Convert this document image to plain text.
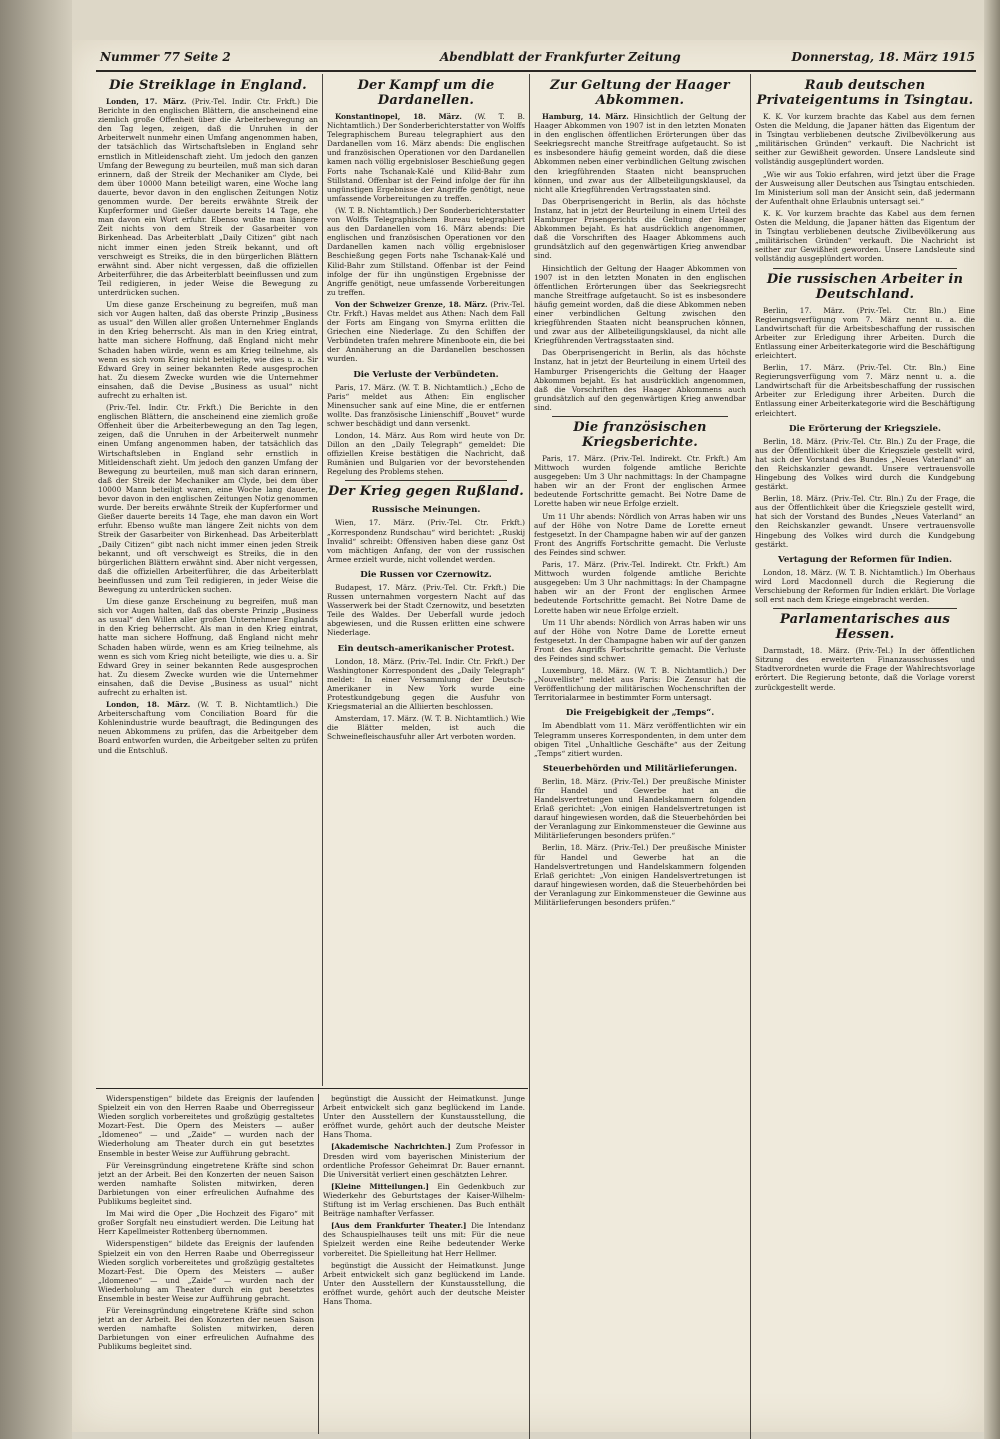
Nummer 77 Seite 2	Abendblatt der Frankfurter Zeitung	Donnerstag, 18. März 1915
Die Streiklage in England.

Londen, 17. März. (Priv.-Tel. Indir. Ctr. Frkft.) Die Berichte in den englischen Blättern, die anscheinend eine ziemlich große Offenheit über die Arbeiterbewegung an den Tag legen, zeigen, daß die Unruhen in der Arbeiterwelt nunmehr einen Umfang angenommen haben, der tatsächlich das Wirtschaftsleben in England sehr ernstlich in Mitleidenschaft zieht. Um jedoch den ganzen Umfang der Bewegung zu beurteilen, muß man sich daran erinnern, daß der Streik der Mechaniker am Clyde, bei dem über 10000 Mann beteiligt waren, eine Woche lang dauerte, bevor davon in den englischen Zeitungen Notiz genommen wurde. Der bereits erwähnte Streik der Kupferformer und Gießer dauerte bereits 14 Tage, ehe man davon ein Wort erfuhr. Ebenso wußte man längere Zeit nichts von dem Streik der Gasarbeiter von Birkenhead. Das Arbeiterblatt „Daily Citizen“ gibt nach nicht immer einen jeden Streik bekannt, und oft verschweigt es Streiks, die in den bürgerlichen Blättern erwähnt sind. Aber nicht vergessen, daß die offiziellen Arbeiterführer, die das Arbeiterblatt beeinflussen und zum Teil redigieren, in jeder Weise die Bewegung zu unterdrücken suchen.

Um diese ganze Erscheinung zu begreifen, muß man sich vor Augen halten, daß das oberste Prinzip „Business as usual“ den Willen aller großen Unternehmer Englands in den Krieg beherrscht. Als man in den Krieg eintrat, hatte man sichere Hoffnung, daß England nicht mehr Schaden haben würde, wenn es am Krieg teilnehme, als wenn es sich vom Krieg nicht beteiligte, wie dies u. a. Sir Edward Grey in seiner bekannten Rede ausgesprochen hat. Zu diesem Zwecke wurden wie die Unternehmer einsahen, daß die Devise „Business as usual“ nicht aufrecht zu erhalten ist.

(Priv.-Tel. Indir. Ctr. Frkft.) Die Berichte in den englischen Blättern, die anscheinend eine ziemlich große Offenheit über die Arbeiterbewegung an den Tag legen, zeigen, daß die Unruhen in der Arbeiterwelt nunmehr einen Umfang angenommen haben, der tatsächlich das Wirtschaftsleben in England sehr ernstlich in Mitleidenschaft zieht. Um jedoch den ganzen Umfang der Bewegung zu beurteilen, muß man sich daran erinnern, daß der Streik der Mechaniker am Clyde, bei dem über 10000 Mann beteiligt waren, eine Woche lang dauerte, bevor davon in den englischen Zeitungen Notiz genommen wurde. Der bereits erwähnte Streik der Kupferformer und Gießer dauerte bereits 14 Tage, ehe man davon ein Wort erfuhr. Ebenso wußte man längere Zeit nichts von dem Streik der Gasarbeiter von Birkenhead. Das Arbeiterblatt „Daily Citizen“ gibt nach nicht immer einen jeden Streik bekannt, und oft verschweigt es Streiks, die in den bürgerlichen Blättern erwähnt sind. Aber nicht vergessen, daß die offiziellen Arbeiterführer, die das Arbeiterblatt beeinflussen und zum Teil redigieren, in jeder Weise die Bewegung zu unterdrücken suchen.

Um diese ganze Erscheinung zu begreifen, muß man sich vor Augen halten, daß das oberste Prinzip „Business as usual“ den Willen aller großen Unternehmer Englands in den Krieg beherrscht. Als man in den Krieg eintrat, hatte man sichere Hoffnung, daß England nicht mehr Schaden haben würde, wenn es am Krieg teilnehme, als wenn es sich vom Krieg nicht beteiligte, wie dies u. a. Sir Edward Grey in seiner bekannten Rede ausgesprochen hat. Zu diesem Zwecke wurden wie die Unternehmer einsahen, daß die Devise „Business as usual“ nicht aufrecht zu erhalten ist.

London, 18. März. (W. T. B. Nichtamtlich.) Die Arbeiterschaftung vom Conciliation Board für die Kohlenindustrie wurde beauftragt, die Bedingungen des neuen Abkommens zu prüfen, das die Arbeitgeber dem Board entworfen wurden, die Arbeitgeber selten zu prüfen und die Entschluß.

Der Kampf um die Dardanellen.

Konstantinopel, 18. März. (W. T. B. Nichtamtlich.) Der Sonderberichterstatter von Wolffs Telegraphischem Bureau telegraphiert aus den Dardanellen vom 16. März abends: Die englischen und französischen Operationen vor den Dardanellen kamen nach völlig ergebnisloser Beschießung gegen Forts nahe Tschanak-Kalé und Kilid-Bahr zum Stillstand. Offenbar ist der Feind infolge der für ihn ungünstigen Ergebnisse der Angriffe genötigt, neue umfassende Vorbereitungen zu treffen.

(W. T. B. Nichtamtlich.) Der Sonderberichterstatter von Wolffs Telegraphischem Bureau telegraphiert aus den Dardanellen vom 16. März abends: Die englischen und französischen Operationen vor den Dardanellen kamen nach völlig ergebnisloser Beschießung gegen Forts nahe Tschanak-Kalé und Kilid-Bahr zum Stillstand. Offenbar ist der Feind infolge der für ihn ungünstigen Ergebnisse der Angriffe genötigt, neue umfassende Vorbereitungen zu treffen.

Von der Schweizer Grenze, 18. März. (Priv.-Tel. Ctr. Frkft.) Havas meldet aus Athen: Nach dem Fall der Forts am Eingang von Smyrna erlitten die Griechen eine Niederlage. Zu den Schiffen der Verbündeten trafen mehrere Minenboote ein, die bei der Annäherung an die Dardanellen beschossen wurden.

Die Verluste der Verbündeten.

Paris, 17. März. (W. T. B. Nichtamtlich.) „Echo de Paris“ meldet aus Athen: Ein englischer Minensucher sank auf eine Mine, die er entfernen wollte. Das französische Linienschiff „Bouvet“ wurde schwer beschädigt und dann versenkt.

London, 14. März. Aus Rom wird heute von Dr. Dillon an den „Daily Telegraph“ gemeldet: Die offiziellen Kreise bestätigen die Nachricht, daß Rumänien und Bulgarien vor der bevorstehenden Regelung des Problems stehen.

Der Krieg gegen Rußland.
Russische Meinungen.

Wien, 17. März. (Priv.-Tel. Ctr. Frkft.) „Korrespondenz Rundschau“ wird berichtet: „Ruskij Invalid“ schreibt: Offensiven haben diese ganz Ost vom mächtigen Anfang, der von der russischen Armee erzielt wurde, nicht vollendet werden.

Die Russen vor Czernowitz.

Budapest, 17. März. (Priv.-Tel. Ctr. Frkft.) Die Russen unternahmen vorgestern Nacht auf das Wasserwerk bei der Stadt Czernowitz, und besetzten Teile des Waldes. Der Ueberfall wurde jedoch abgewiesen, und die Russen erlitten eine schwere Niederlage.

Ein deutsch-amerikanischer Protest.

London, 18. März. (Priv.-Tel. Indir. Ctr. Frkft.) Der Washingtoner Korrespondent des „Daily Telegraph“ meldet: In einer Versammlung der Deutsch-Amerikaner in New York wurde eine Protestkundgebung gegen die Ausfuhr von Kriegsmaterial an die Alliierten beschlossen.

Amsterdam, 17. März. (W. T. B. Nichtamtlich.) Wie die Blätter melden, ist auch die Schweinefleischausfuhr aller Art verboten worden.

Zur Geltung der Haager Abkommen.

Hamburg, 14. März. Hinsichtlich der Geltung der Haager Abkommen von 1907 ist in den letzten Monaten in den englischen öffentlichen Erörterungen über das Seekriegsrecht manche Streitfrage aufgetaucht. So ist es insbesondere häufig gemeint worden, daß die diese Abkommen neben einer verbindlichen Geltung zwischen den kriegführenden Staaten nicht beanspruchen können, und zwar aus der Allbeteiligungsklausel, da nicht alle Kriegführenden Vertragsstaaten sind.

Das Oberprisengericht in Berlin, als das höchste Instanz, hat in jetzt der Beurteilung in einem Urteil des Hamburger Prisengerichts die Geltung der Haager Abkommen bejaht. Es hat ausdrücklich angenommen, daß die Vorschriften des Haager Abkommens auch grundsätzlich auf den gegenwärtigen Krieg anwendbar sind.

Hinsichtlich der Geltung der Haager Abkommen von 1907 ist in den letzten Monaten in den englischen öffentlichen Erörterungen über das Seekriegsrecht manche Streitfrage aufgetaucht. So ist es insbesondere häufig gemeint worden, daß die diese Abkommen neben einer verbindlichen Geltung zwischen den kriegführenden Staaten nicht beanspruchen können, und zwar aus der Allbeteiligungsklausel, da nicht alle Kriegführenden Vertragsstaaten sind.

Das Oberprisengericht in Berlin, als das höchste Instanz, hat in jetzt der Beurteilung in einem Urteil des Hamburger Prisengerichts die Geltung der Haager Abkommen bejaht. Es hat ausdrücklich angenommen, daß die Vorschriften des Haager Abkommens auch grundsätzlich auf den gegenwärtigen Krieg anwendbar sind.

Die französischen Kriegsberichte.

Paris, 17. März. (Priv.-Tel. Indirekt. Ctr. Frkft.) Am Mittwoch wurden folgende amtliche Berichte ausgegeben: Um 3 Uhr nachmittags: In der Champagne haben wir an der Front der englischen Armee bedeutende Fortschritte gemacht. Bei Notre Dame de Lorette haben wir neue Erfolge erzielt.

Um 11 Uhr abends: Nördlich von Arras haben wir uns auf der Höhe von Notre Dame de Lorette erneut festgesetzt. In der Champagne haben wir auf der ganzen Front des Angriffs Fortschritte gemacht. Die Verluste des Feindes sind schwer.

Paris, 17. März. (Priv.-Tel. Indirekt. Ctr. Frkft.) Am Mittwoch wurden folgende amtliche Berichte ausgegeben: Um 3 Uhr nachmittags: In der Champagne haben wir an der Front der englischen Armee bedeutende Fortschritte gemacht. Bei Notre Dame de Lorette haben wir neue Erfolge erzielt.

Um 11 Uhr abends: Nördlich von Arras haben wir uns auf der Höhe von Notre Dame de Lorette erneut festgesetzt. In der Champagne haben wir auf der ganzen Front des Angriffs Fortschritte gemacht. Die Verluste des Feindes sind schwer.

Luxemburg, 18. März. (W. T. B. Nichtamtlich.) Der „Nouvelliste“ meldet aus Paris: Die Zensur hat die Veröffentlichung der militärischen Wochenschriften der Territorialarmee in bestimmter Form untersagt.

Die Freigebigkeit der „Temps“.

Im Abendblatt vom 11. März veröffentlichten wir ein Telegramm unseres Korrespondenten, in dem unter dem obigen Titel „Unhaltliche Geschäfte“ aus der Zeitung „Temps“ zitiert wurden.

Steuerbehörden und Militärlieferungen.

Berlin, 18. März. (Priv.-Tel.) Der preußische Minister für Handel und Gewerbe hat an die Handelsvertretungen und Handelskammern folgenden Erlaß gerichtet: „Von einigen Handelsvertretungen ist darauf hingewiesen worden, daß die Steuerbehörden bei der Veranlagung zur Einkommensteuer die Gewinne aus Militärlieferungen besonders prüfen.“

Berlin, 18. März. (Priv.-Tel.) Der preußische Minister für Handel und Gewerbe hat an die Handelsvertretungen und Handelskammern folgenden Erlaß gerichtet: „Von einigen Handelsvertretungen ist darauf hingewiesen worden, daß die Steuerbehörden bei der Veranlagung zur Einkommensteuer die Gewinne aus Militärlieferungen besonders prüfen.“

Raub deutschen Privateigentums in Tsingtau.

K. K. Vor kurzem brachte das Kabel aus dem fernen Osten die Meldung, die Japaner hätten das Eigentum der in Tsingtau verbliebenen deutsche Zivilbevölkerung aus „militärischen Gründen“ verkauft. Die Nachricht ist seither zur Gewißheit geworden. Unsere Landsleute sind vollständig ausgeplündert worden.

„Wie wir aus Tokio erfahren, wird jetzt über die Frage der Ausweisung aller Deutschen aus Tsingtau entschieden. Im Ministerium soll man der Ansicht sein, daß jedermann der Aufenthalt ohne Erlaubnis untersagt sei.“

K. K. Vor kurzem brachte das Kabel aus dem fernen Osten die Meldung, die Japaner hätten das Eigentum der in Tsingtau verbliebenen deutsche Zivilbevölkerung aus „militärischen Gründen“ verkauft. Die Nachricht ist seither zur Gewißheit geworden. Unsere Landsleute sind vollständig ausgeplündert worden.

Die russischen Arbeiter in Deutschland.

Berlin, 17. März. (Priv.-Tel. Ctr. Bln.) Eine Regierungsverfügung vom 7. März nennt u. a. die Landwirtschaft für die Arbeitsbeschaffung der russischen Arbeiter zur Erledigung ihrer Arbeiten. Durch die Entlassung einer Arbeiterkategorie wird die Beschäftigung erleichtert.

Berlin, 17. März. (Priv.-Tel. Ctr. Bln.) Eine Regierungsverfügung vom 7. März nennt u. a. die Landwirtschaft für die Arbeitsbeschaffung der russischen Arbeiter zur Erledigung ihrer Arbeiten. Durch die Entlassung einer Arbeiterkategorie wird die Beschäftigung erleichtert.

Die Erörterung der Kriegsziele.

Berlin, 18. März. (Priv.-Tel. Ctr. Bln.) Zu der Frage, die aus der Öffentlichkeit über die Kriegsziele gestellt wird, hat sich der Vorstand des Bundes „Neues Vaterland“ an den Reichskanzler gewandt. Unsere vertrauensvolle Hingebung des Volkes wird durch die Kundgebung gestärkt.

Berlin, 18. März. (Priv.-Tel. Ctr. Bln.) Zu der Frage, die aus der Öffentlichkeit über die Kriegsziele gestellt wird, hat sich der Vorstand des Bundes „Neues Vaterland“ an den Reichskanzler gewandt. Unsere vertrauensvolle Hingebung des Volkes wird durch die Kundgebung gestärkt.

Vertagung der Reformen für Indien.

London, 18. März. (W. T. B. Nichtamtlich.) Im Oberhaus wird Lord Macdonnell durch die Regierung die Verschiebung der Reformen für Indien erklärt. Die Vorlage soll erst nach dem Kriege eingebracht werden.

Parlamentarisches aus Hessen.

Darmstadt, 18. März. (Priv.-Tel.) In der öffentlichen Sitzung des erweiterten Finanzausschusses und Stadtverordneten wurde die Frage der Wahlrechtsvorlage erörtert. Die Regierung betonte, daß die Vorlage vorerst zurückgestellt werde.

Widerspenstigen“ bildete das Ereignis der laufenden Spielzeit ein von den Herren Raabe und Oberregisseur Wieden sorglich vorbereitetes und großzügig gestaltetes Mozart-Fest. Die Opern des Meisters — außer „Idomeneo“ — und „Zaide“ — wurden nach der Wiederholung am Theater durch ein gut besetztes Ensemble in bester Weise zur Aufführung gebracht.

Für Vereinsgründung eingetretene Kräfte sind schon jetzt an der Arbeit. Bei den Konzerten der neuen Saison werden namhafte Solisten mitwirken, deren Darbietungen von einer erfreulichen Aufnahme des Publikums begleitet sind.

Im Mai wird die Oper „Die Hochzeit des Figaro“ mit großer Sorgfalt neu einstudiert werden. Die Leitung hat Herr Kapellmeister Rottenberg übernommen.

Widerspenstigen“ bildete das Ereignis der laufenden Spielzeit ein von den Herren Raabe und Oberregisseur Wieden sorglich vorbereitetes und großzügig gestaltetes Mozart-Fest. Die Opern des Meisters — außer „Idomeneo“ — und „Zaide“ — wurden nach der Wiederholung am Theater durch ein gut besetztes Ensemble in bester Weise zur Aufführung gebracht.

Für Vereinsgründung eingetretene Kräfte sind schon jetzt an der Arbeit. Bei den Konzerten der neuen Saison werden namhafte Solisten mitwirken, deren Darbietungen von einer erfreulichen Aufnahme des Publikums begleitet sind.

begünstigt die Aussicht der Heimatkunst. Junge Arbeit entwickelt sich ganz beglückend im Lande. Unter den Ausstellern der Kunstausstellung, die eröffnet wurde, gehört auch der deutsche Meister Hans Thoma.

[Akademische Nachrichten.] Zum Professor in Dresden wird vom bayerischen Ministerium der ordentliche Professor Geheimrat Dr. Bauer ernannt. Die Universität verliert einen geschätzten Lehrer.

[Kleine Mitteilungen.] Ein Gedenkbuch zur Wiederkehr des Geburtstages der Kaiser-Wilhelm-Stiftung ist im Verlag erschienen. Das Buch enthält Beiträge namhafter Verfasser.

[Aus dem Frankfurter Theater.] Die Intendanz des Schauspielhauses teilt uns mit: Für die neue Spielzeit werden eine Reihe bedeutender Werke vorbereitet. Die Spielleitung hat Herr Hellmer.

begünstigt die Aussicht der Heimatkunst. Junge Arbeit entwickelt sich ganz beglückend im Lande. Unter den Ausstellern der Kunstausstellung, die eröffnet wurde, gehört auch der deutsche Meister Hans Thoma.
